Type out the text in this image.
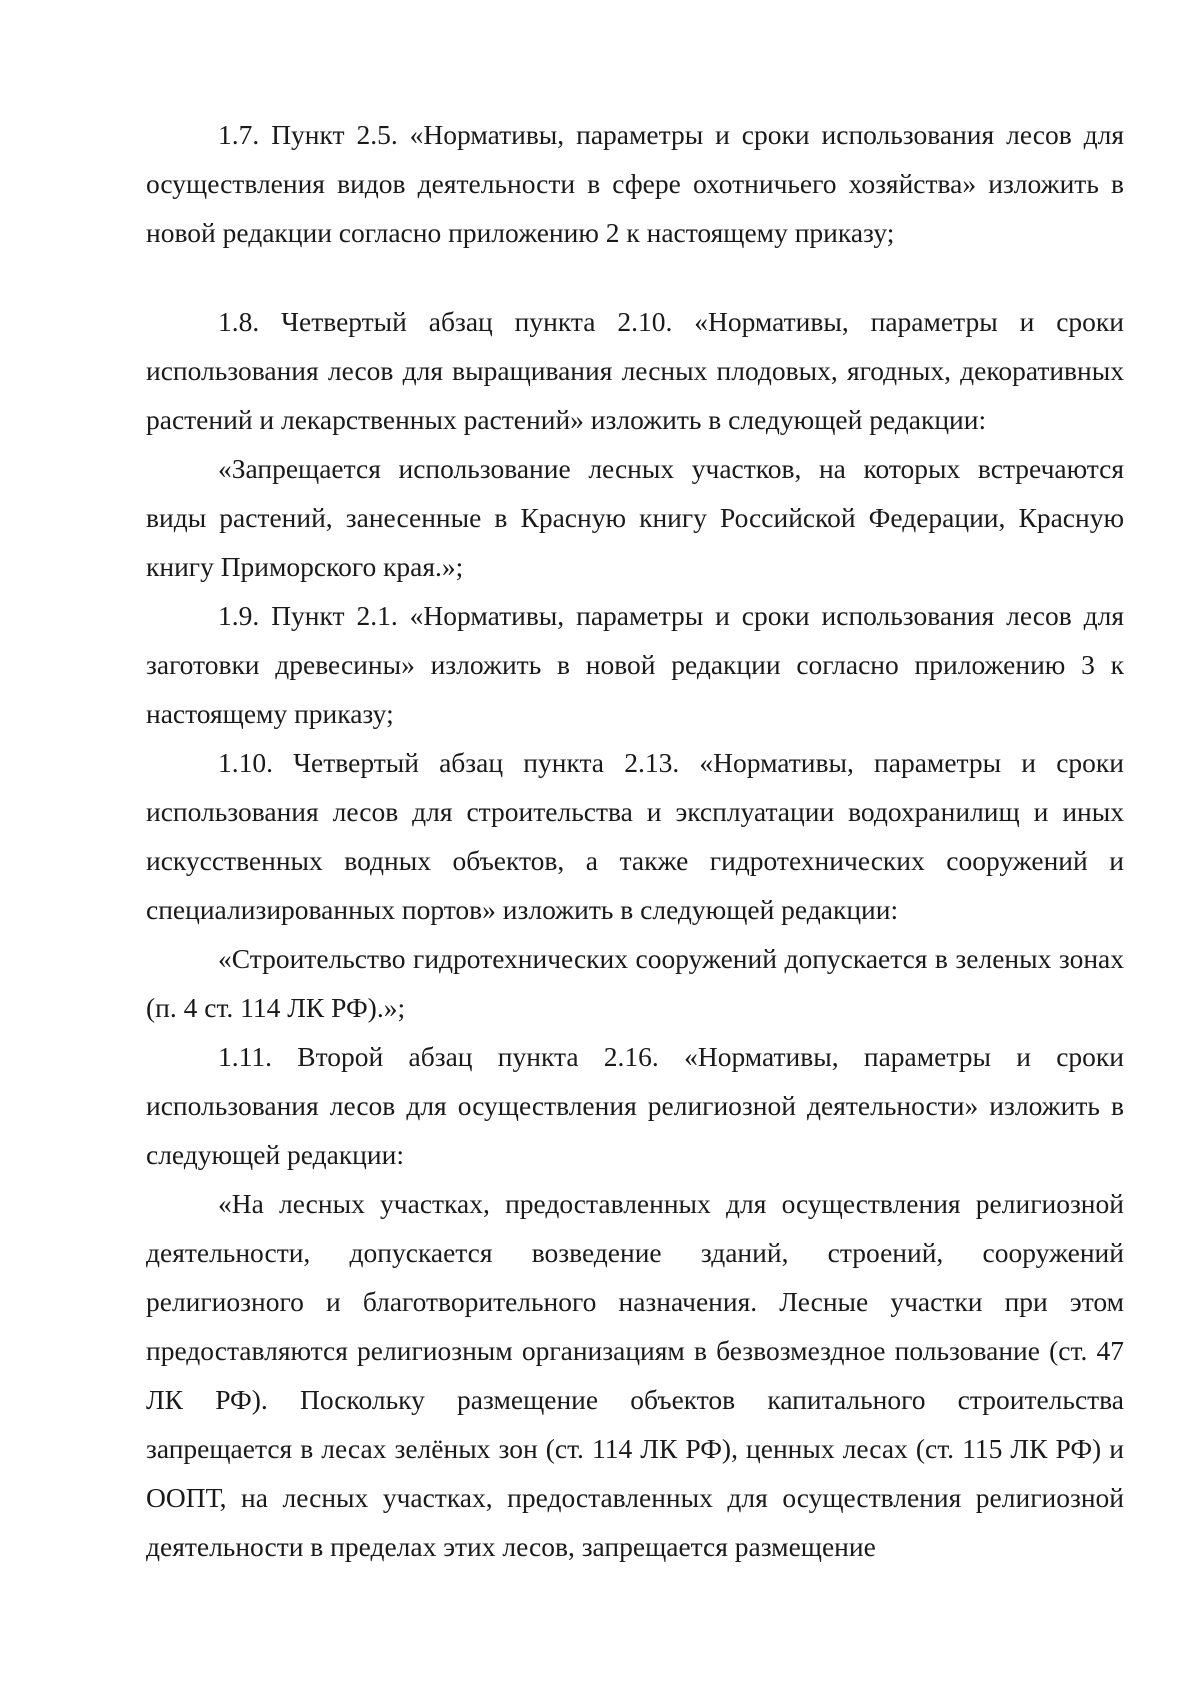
1.7. Пункт 2.5. «Нормативы, параметры и сроки использования лесов для осуществления видов деятельности в сфере охотничьего хозяйства» изложить в новой редакции согласно приложению 2 к настоящему приказу;

1.8. Четвертый абзац пункта 2.10. «Нормативы, параметры и сроки использования лесов для выращивания лесных плодовых, ягодных, декоративных растений и лекарственных растений» изложить в следующей редакции:

«Запрещается использование лесных участков, на которых встречаются виды растений, занесенные в Красную книгу Российской Федерации, Красную книгу Приморского края.»;

1.9. Пункт 2.1. «Нормативы, параметры и сроки использования лесов для заготовки древесины» изложить в новой редакции согласно приложению 3 к настоящему приказу;

1.10. Четвертый абзац пункта 2.13. «Нормативы, параметры и сроки использования лесов для строительства и эксплуатации водохранилищ и иных искусственных водных объектов, а также гидротехнических сооружений и специализированных портов» изложить в следующей редакции:

«Строительство гидротехнических сооружений допускается в зеленых зонах (п. 4 ст. 114 ЛК РФ).»;

1.11. Второй абзац пункта 2.16. «Нормативы, параметры и сроки использования лесов для осуществления религиозной деятельности» изложить в следующей редакции:

«На лесных участках, предоставленных для осуществления религиозной деятельности, допускается возведение зданий, строений, сооружений религиозного и благотворительного назначения. Лесные участки при этом предоставляются религиозным организациям в безвозмездное пользование (ст. 47 ЛК РФ). Поскольку размещение объектов капитального строительства запрещается в лесах зелёных зон (ст. 114 ЛК РФ), ценных лесах (ст. 115 ЛК РФ) и ООПТ, на лесных участках, предоставленных для осуществления религиозной деятельности в пределах этих лесов, запрещается размещение
